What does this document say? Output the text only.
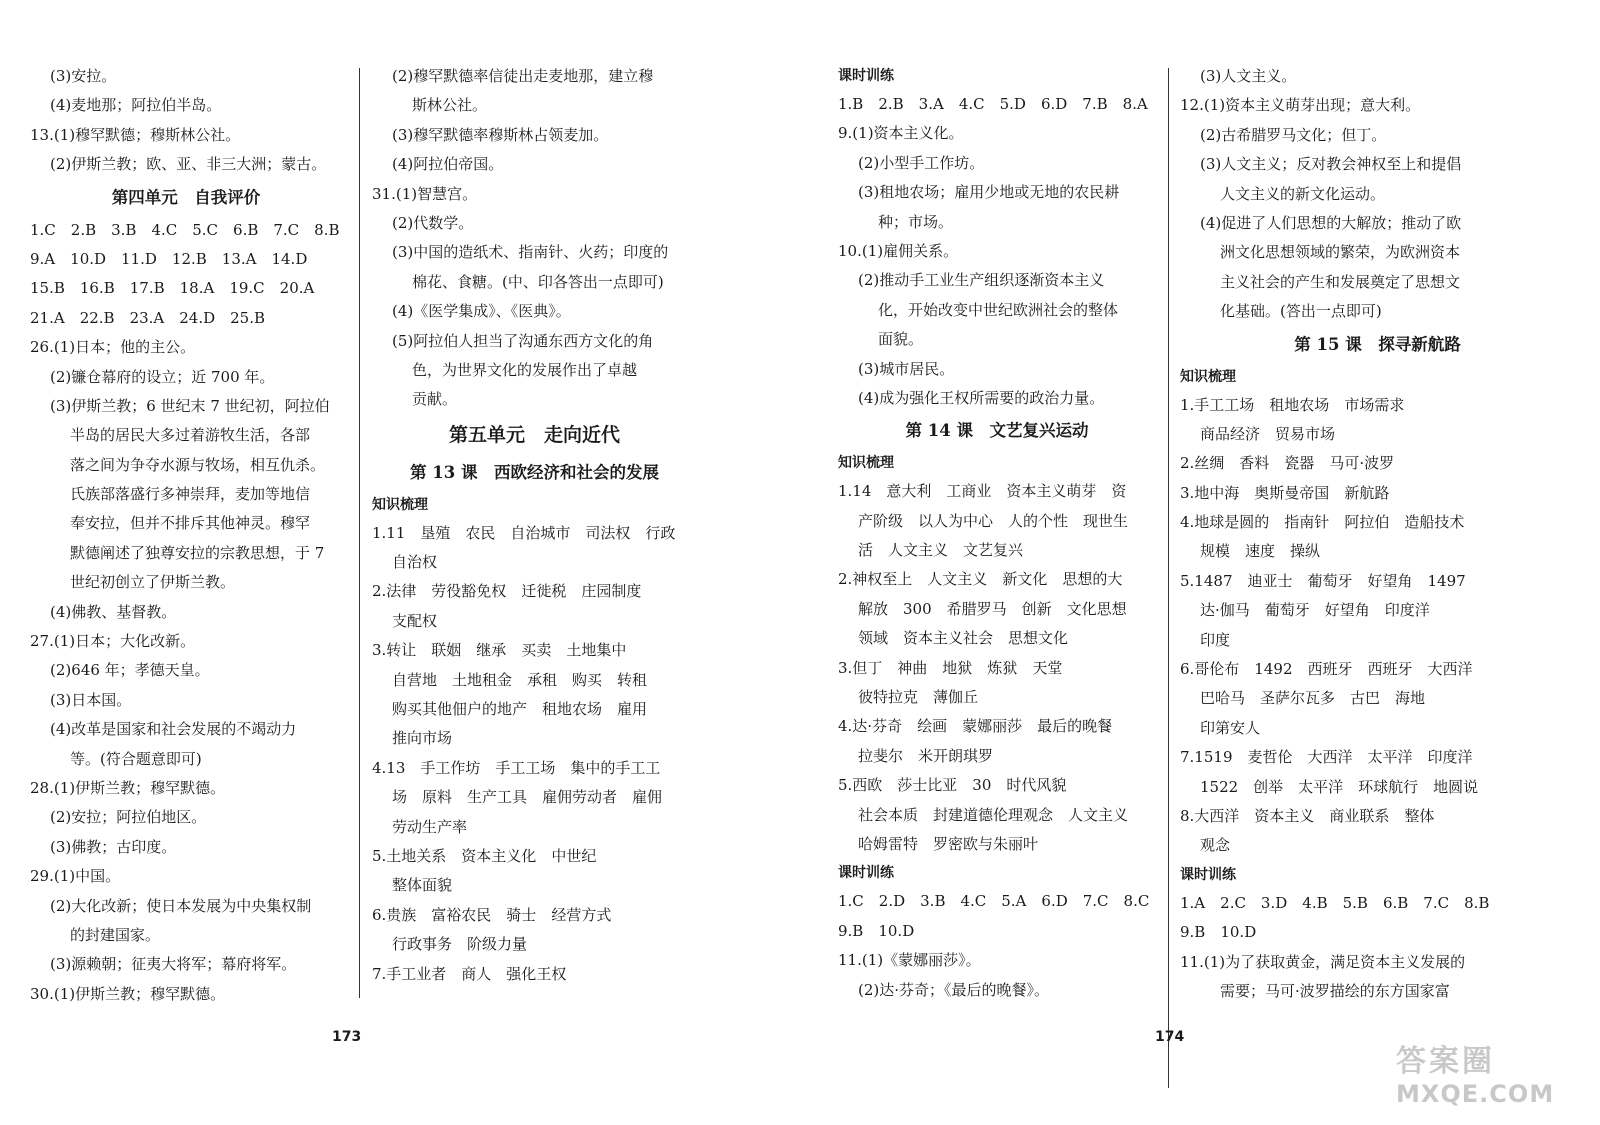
(3)安拉。
(4)麦地那；阿拉伯半岛。
13.(1)穆罕默德；穆斯林公社。
(2)伊斯兰教；欧、亚、非三大洲；蒙古。
第四单元　自我评价
1.C　2.B　3.B　4.C　5.C　6.B　7.C　8.B
9.A　10.D　11.D　12.B　13.A　14.D
15.B　16.B　17.B　18.A　19.C　20.A
21.A　22.B　23.A　24.D　25.B
26.(1)日本；他的主公。
(2)镰仓幕府的设立；近 700 年。
(3)伊斯兰教；6 世纪末 7 世纪初，阿拉伯
半岛的居民大多过着游牧生活，各部
落之间为争夺水源与牧场，相互仇杀。
氏族部落盛行多神崇拜，麦加等地信
奉安拉，但并不排斥其他神灵。穆罕
默德阐述了独尊安拉的宗教思想，于 7
世纪初创立了伊斯兰教。
(4)佛教、基督教。
27.(1)日本；大化改新。
(2)646 年；孝德天皇。
(3)日本国。
(4)改革是国家和社会发展的不竭动力
等。(符合题意即可)
28.(1)伊斯兰教；穆罕默德。
(2)安拉；阿拉伯地区。
(3)佛教；古印度。
29.(1)中国。
(2)大化改新；使日本发展为中央集权制
的封建国家。
(3)源赖朝；征夷大将军；幕府将军。
30.(1)伊斯兰教；穆罕默德。
(2)穆罕默德率信徒出走麦地那，建立穆
斯林公社。
(3)穆罕默德率穆斯林占领麦加。
(4)阿拉伯帝国。
31.(1)智慧宫。
(2)代数学。
(3)中国的造纸术、指南针、火药；印度的
棉花、食糖。(中、印各答出一点即可)
(4)《医学集成》、《医典》。
(5)阿拉伯人担当了沟通东西方文化的角
色，为世界文化的发展作出了卓越
贡献。
第五单元　走向近代
第 13 课　西欧经济和社会的发展
知识梳理
1.11　垦殖　农民　自治城市　司法权　行政
自治权
2.法律　劳役豁免权　迁徙税　庄园制度
支配权
3.转让　联姻　继承　买卖　土地集中
自营地　土地租金　承租　购买　转租
购买其他佃户的地产　租地农场　雇用
推向市场
4.13　手工作坊　手工工场　集中的手工工
场　原料　生产工具　雇佣劳动者　雇佣
劳动生产率
5.土地关系　资本主义化　中世纪
整体面貌
6.贵族　富裕农民　骑士　经营方式
行政事务　阶级力量
7.手工业者　商人　强化王权
173
课时训练
1.B　2.B　3.A　4.C　5.D　6.D　7.B　8.A
9.(1)资本主义化。
(2)小型手工作坊。
(3)租地农场；雇用少地或无地的农民耕
种；市场。
10.(1)雇佣关系。
(2)推动手工业生产组织逐渐资本主义
化，开始改变中世纪欧洲社会的整体
面貌。
(3)城市居民。
(4)成为强化王权所需要的政治力量。
第 14 课　文艺复兴运动
知识梳理
1.14　意大利　工商业　资本主义萌芽　资
产阶级　以人为中心　人的个性　现世生
活　人文主义　文艺复兴
2.神权至上　人文主义　新文化　思想的大
解放　300　希腊罗马　创新　文化思想
领域　资本主义社会　思想文化
3.但丁　神曲　地狱　炼狱　天堂
彼特拉克　薄伽丘
4.达·芬奇　绘画　蒙娜丽莎　最后的晚餐
拉斐尔　米开朗琪罗
5.西欧　莎士比亚　30　时代风貌
社会本质　封建道德伦理观念　人文主义
哈姆雷特　罗密欧与朱丽叶
课时训练
1.C　2.D　3.B　4.C　5.A　6.D　7.C　8.C
9.B　10.D
11.(1)《蒙娜丽莎》。
(2)达·芬奇；《最后的晚餐》。
(3)人文主义。
12.(1)资本主义萌芽出现；意大利。
(2)古希腊罗马文化；但丁。
(3)人文主义；反对教会神权至上和提倡
人文主义的新文化运动。
(4)促进了人们思想的大解放；推动了欧
洲文化思想领域的繁荣，为欧洲资本
主义社会的产生和发展奠定了思想文
化基础。(答出一点即可)
第 15 课　探寻新航路
知识梳理
1.手工工场　租地农场　市场需求
商品经济　贸易市场
2.丝绸　香料　瓷器　马可·波罗
3.地中海　奥斯曼帝国　新航路
4.地球是圆的　指南针　阿拉伯　造船技术
规模　速度　操纵
5.1487　迪亚士　葡萄牙　好望角　1497
达·伽马　葡萄牙　好望角　印度洋
印度
6.哥伦布　1492　西班牙　西班牙　大西洋
巴哈马　圣萨尔瓦多　古巴　海地
印第安人
7.1519　麦哲伦　大西洋　太平洋　印度洋
1522　创举　太平洋　环球航行　地圆说
8.大西洋　资本主义　商业联系　整体
观念
课时训练
1.A　2.C　3.D　4.B　5.B　6.B　7.C　8.B
9.B　10.D
11.(1)为了获取黄金，满足资本主义发展的
需要；马可·波罗描绘的东方国家富
174
答案圈
MXQE.COM
